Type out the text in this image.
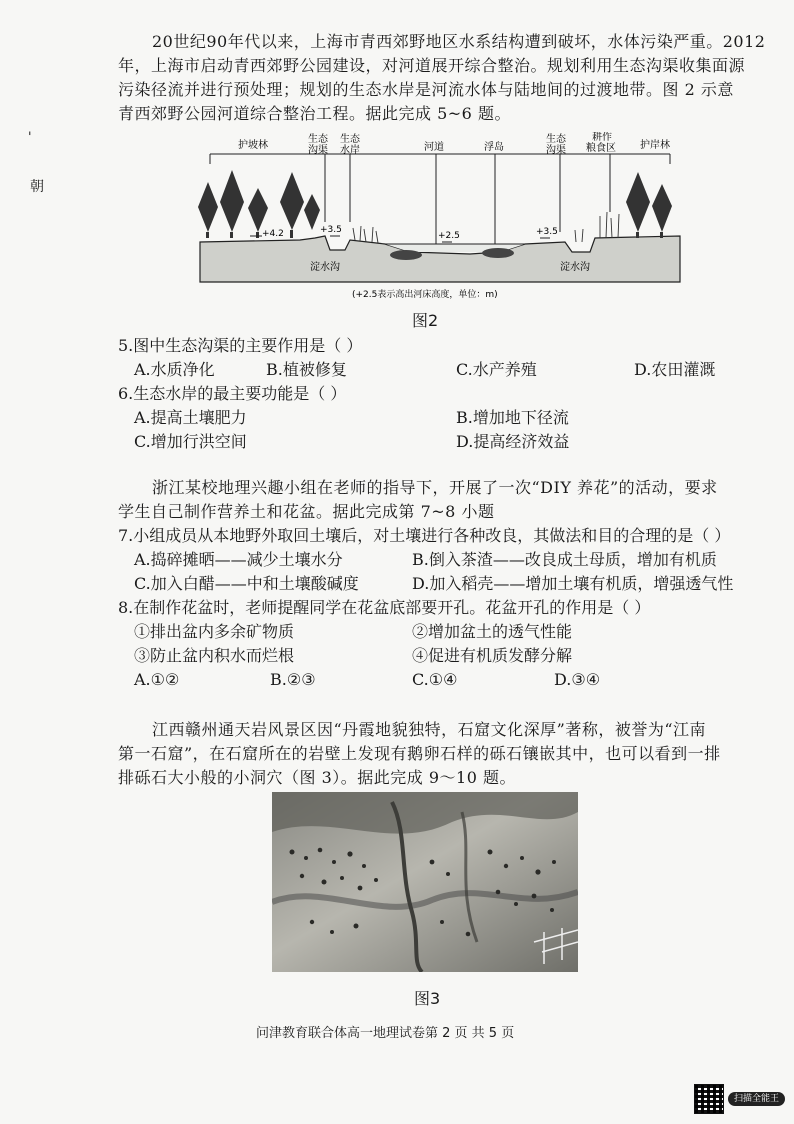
'
朝
20世纪90年代以来，上海市青西郊野地区水系结构遭到破坏，水体污染严重。2012
年，上海市启动青西郊野公园建设，对河道展开综合整治。规划利用生态沟渠收集面源
污染径流并进行预处理；规划的生态水岸是河流水体与陆地间的过渡地带。图 2 示意
青西郊野公园河道综合整治工程。据此完成 5~6 题。
护坡林
生态
沟渠
生态
水岸	河道	浮岛
生态
沟渠
耕作
粮食区 护岸林
+4.2	+3.5
+2.5	+3.5
淀水沟	淀水沟
(+2.5表示高出河床高度，单位：m)
图2
5.图中生态沟渠的主要作用是（ ）
A.水质净化	B.植被修复	C.水产养殖	D.农田灌溉
6.生态水岸的最主要功能是（ ）
A.提高土壤肥力	B.增加地下径流
C.增加行洪空间	D.提高经济效益
浙江某校地理兴趣小组在老师的指导下，开展了一次“DIY 养花”的活动，要求
学生自己制作营养土和花盆。据此完成第 7~8 小题
7.小组成员从本地野外取回土壤后，对土壤进行各种改良，其做法和目的合理的是（ ）
A.捣碎摊晒——减少土壤水分	B.倒入茶渣——改良成土母质，增加有机质
C.加入白醋——中和土壤酸碱度	D.加入稻壳——增加土壤有机质，增强透气性
8.在制作花盆时，老师提醒同学在花盆底部要开孔。花盆开孔的作用是（ ）
①排出盆内多余矿物质	②增加盆土的透气性能
③防止盆内积水而烂根	④促进有机质发酵分解
A.①②	B.②③	C.①④	D.③④
江西赣州通天岩风景区因“丹霞地貌独特，石窟文化深厚”著称，被誉为“江南
第一石窟”，在石窟所在的岩壁上发现有鹅卵石样的砾石镶嵌其中，也可以看到一排
排砾石大小般的小洞穴（图 3）。据此完成 9～10 题。
图3
问津教育联合体高一地理试卷第 2 页 共 5 页
扫描全能王
